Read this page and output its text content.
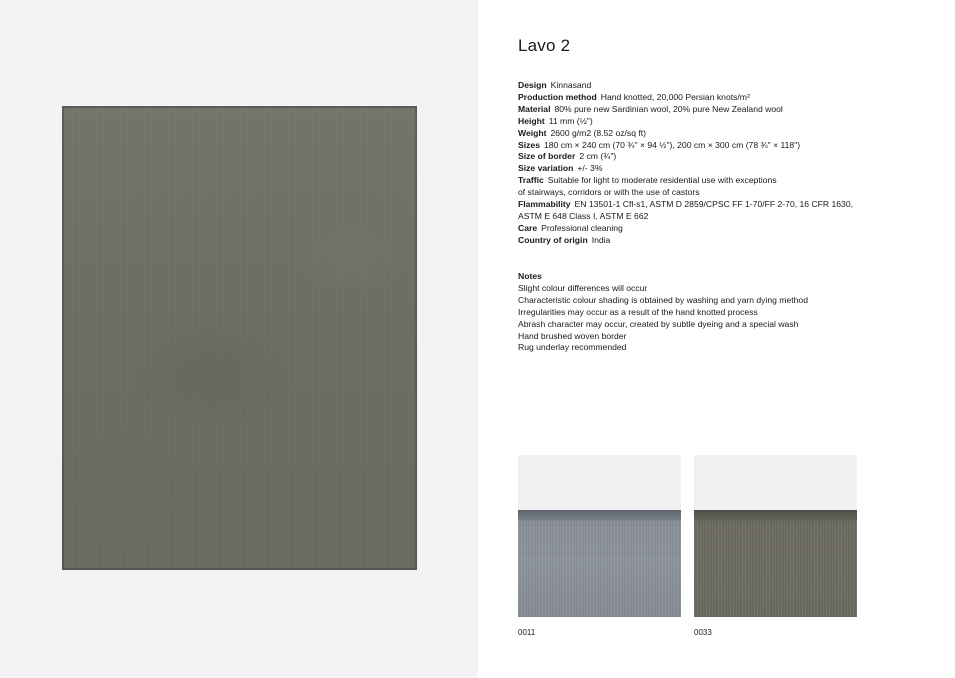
Lavo 2

Design Kinnasand

Production method Hand knotted, 20,000 Persian knots/m²

Material 80% pure new Sardinian wool, 20% pure New Zealand wool

Height 11 mm (½")

Weight 2600 g/m2 (8.52 oz/sq ft)

Sizes 180 cm × 240 cm (70 ¾" × 94 ½"), 200 cm × 300 cm (78 ¾" × 118")

Size of border 2 cm (¾")

Size variation +/- 3%

Traffic Suitable for light to moderate residential use with exceptions

of stairways, corridors or with the use of castors

Flammability EN 13501-1 Cfl-s1, ASTM D 2859/CPSC FF 1-70/FF 2-70, 16 CFR 1630,

ASTM E 648 Class I, ASTM E 662

Care Professional cleaning

Country of origin India

Notes
Slight colour differences will occur
Characteristic colour shading is obtained by washing and yarn dying method
Irregularities may occur as a result of the hand knotted process
Abrash character may occur, created by subtle dyeing and a special wash
Hand brushed woven border
Rug underlay recommended
0011	0033
